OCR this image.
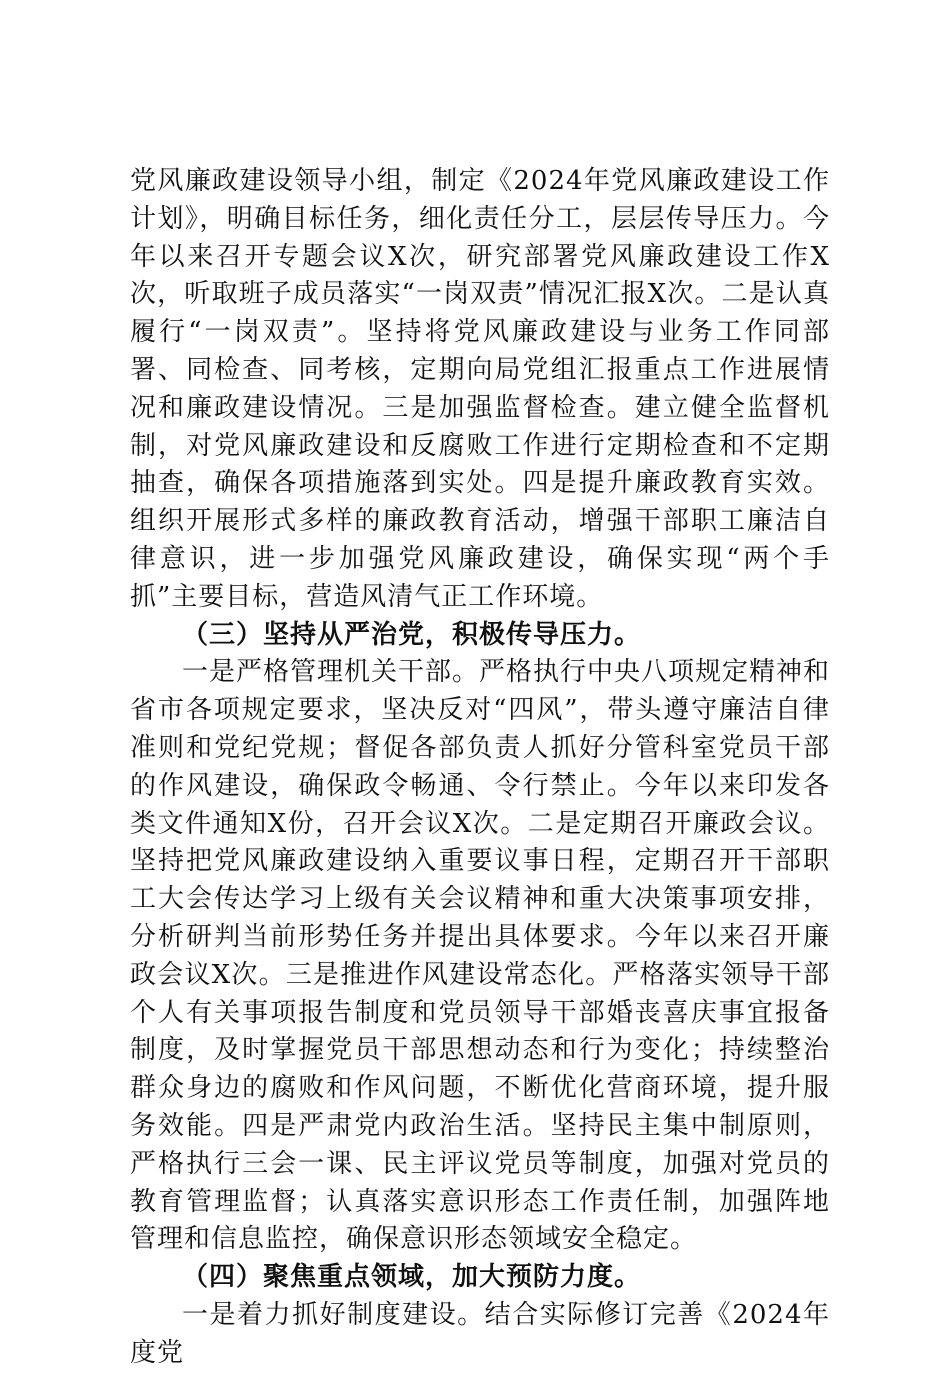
党风廉政建设领导小组，制定《2024年党风廉政建设工作计划》，明确目标任务，细化责任分工，层层传导压力。今年以来召开专题会议X次，研究部署党风廉政建设工作X次，听取班子成员落实“一岗双责”情况汇报X次。二是认真履行“一岗双责”。坚持将党风廉政建设与业务工作同部署、同检查、同考核，定期向局党组汇报重点工作进展情况和廉政建设情况。三是加强监督检查。建立健全监督机制，对党风廉政建设和反腐败工作进行定期检查和不定期抽查，确保各项措施落到实处。四是提升廉政教育实效。组织开展形式多样的廉政教育活动，增强干部职工廉洁自律意识，进一步加强党风廉政建设，确保实现“两个手抓”主要目标，营造风清气正工作环境。

（三）坚持从严治党，积极传导压力。

一是严格管理机关干部。严格执行中央八项规定精神和省市各项规定要求，坚决反对“四风”，带头遵守廉洁自律准则和党纪党规；督促各部负责人抓好分管科室党员干部的作风建设，确保政令畅通、令行禁止。今年以来印发各类文件通知X份，召开会议X次。二是定期召开廉政会议。坚持把党风廉政建设纳入重要议事日程，定期召开干部职工大会传达学习上级有关会议精神和重大决策事项安排，分析研判当前形势任务并提出具体要求。今年以来召开廉政会议X次。三是推进作风建设常态化。严格落实领导干部个人有关事项报告制度和党员领导干部婚丧喜庆事宜报备制度，及时掌握党员干部思想动态和行为变化；持续整治群众身边的腐败和作风问题，不断优化营商环境，提升服务效能。四是严肃党内政治生活。坚持民主集中制原则，严格执行三会一课、民主评议党员等制度，加强对党员的教育管理监督；认真落实意识形态工作责任制，加强阵地管理和信息监控，确保意识形态领域安全稳定。

（四）聚焦重点领域，加大预防力度。

一是着力抓好制度建设。结合实际修订完善《2024年度党
